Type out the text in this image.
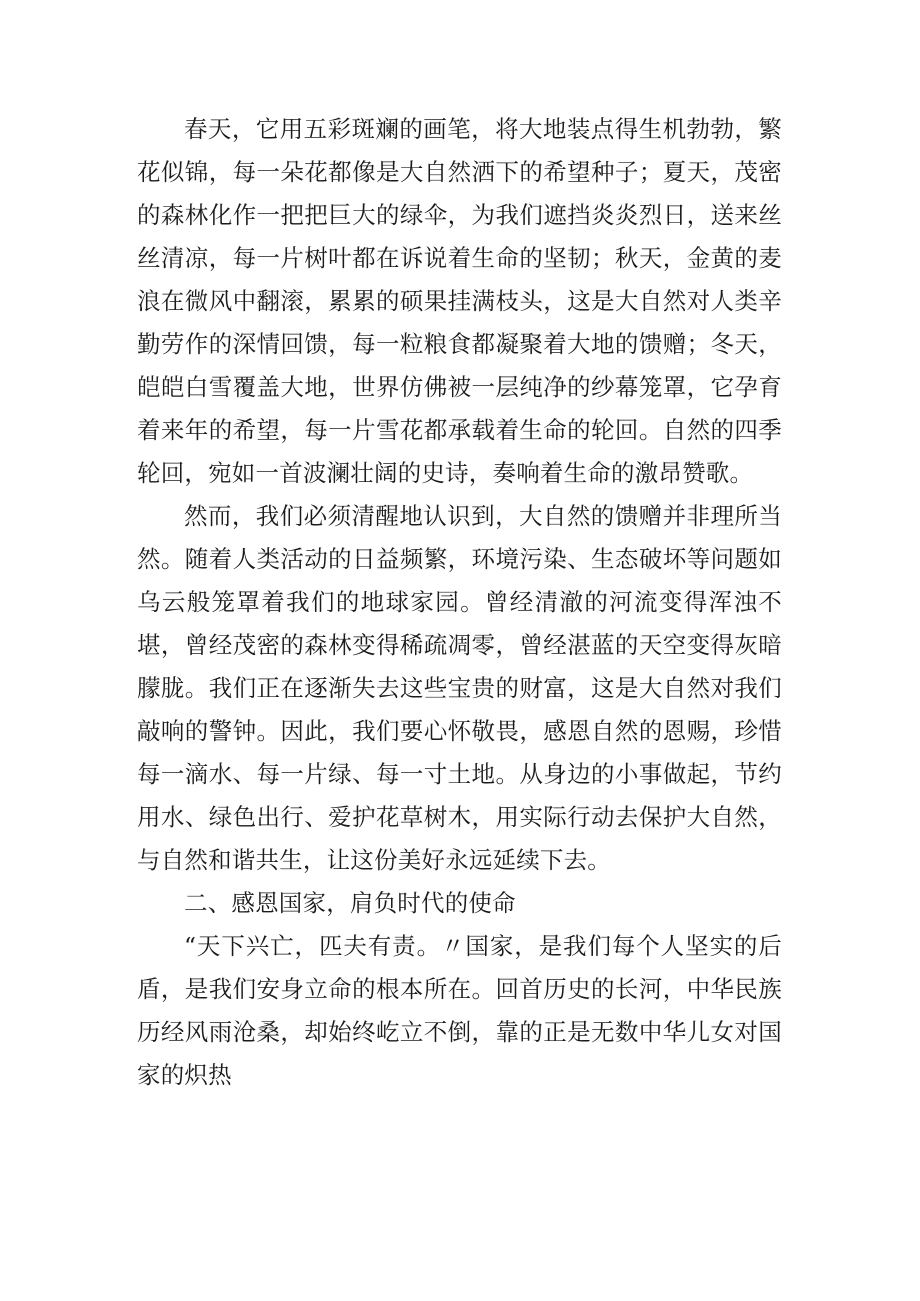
春天，它用五彩斑斓的画笔，将大地装点得生机勃勃，繁花似锦，每一朵花都像是大自然洒下的希望种子；夏天，茂密的森林化作一把把巨大的绿伞，为我们遮挡炎炎烈日，送来丝丝清凉，每一片树叶都在诉说着生命的坚韧；秋天，金黄的麦浪在微风中翻滚，累累的硕果挂满枝头，这是大自然对人类辛勤劳作的深情回馈，每一粒粮食都凝聚着大地的馈赠；冬天，皑皑白雪覆盖大地，世界仿佛被一层纯净的纱幕笼罩，它孕育着来年的希望，每一片雪花都承载着生命的轮回。自然的四季轮回，宛如一首波澜壮阔的史诗，奏响着生命的激昂赞歌。

然而，我们必须清醒地认识到，大自然的馈赠并非理所当然。随着人类活动的日益频繁，环境污染、生态破坏等问题如乌云般笼罩着我们的地球家园。曾经清澈的河流变得浑浊不堪，曾经茂密的森林变得稀疏凋零，曾经湛蓝的天空变得灰暗朦胧。我们正在逐渐失去这些宝贵的财富，这是大自然对我们敲响的警钟。因此，我们要心怀敬畏，感恩自然的恩赐，珍惜每一滴水、每一片绿、每一寸土地。从身边的小事做起，节约用水、绿色出行、爱护花草树木，用实际行动去保护大自然，与自然和谐共生，让这份美好永远延续下去。

二、感恩国家，肩负时代的使命

“天下兴亡，匹夫有责。〃国家，是我们每个人坚实的后盾，是我们安身立命的根本所在。回首历史的长河，中华民族历经风雨沧桑，却始终屹立不倒，靠的正是无数中华儿女对国家的炽热
